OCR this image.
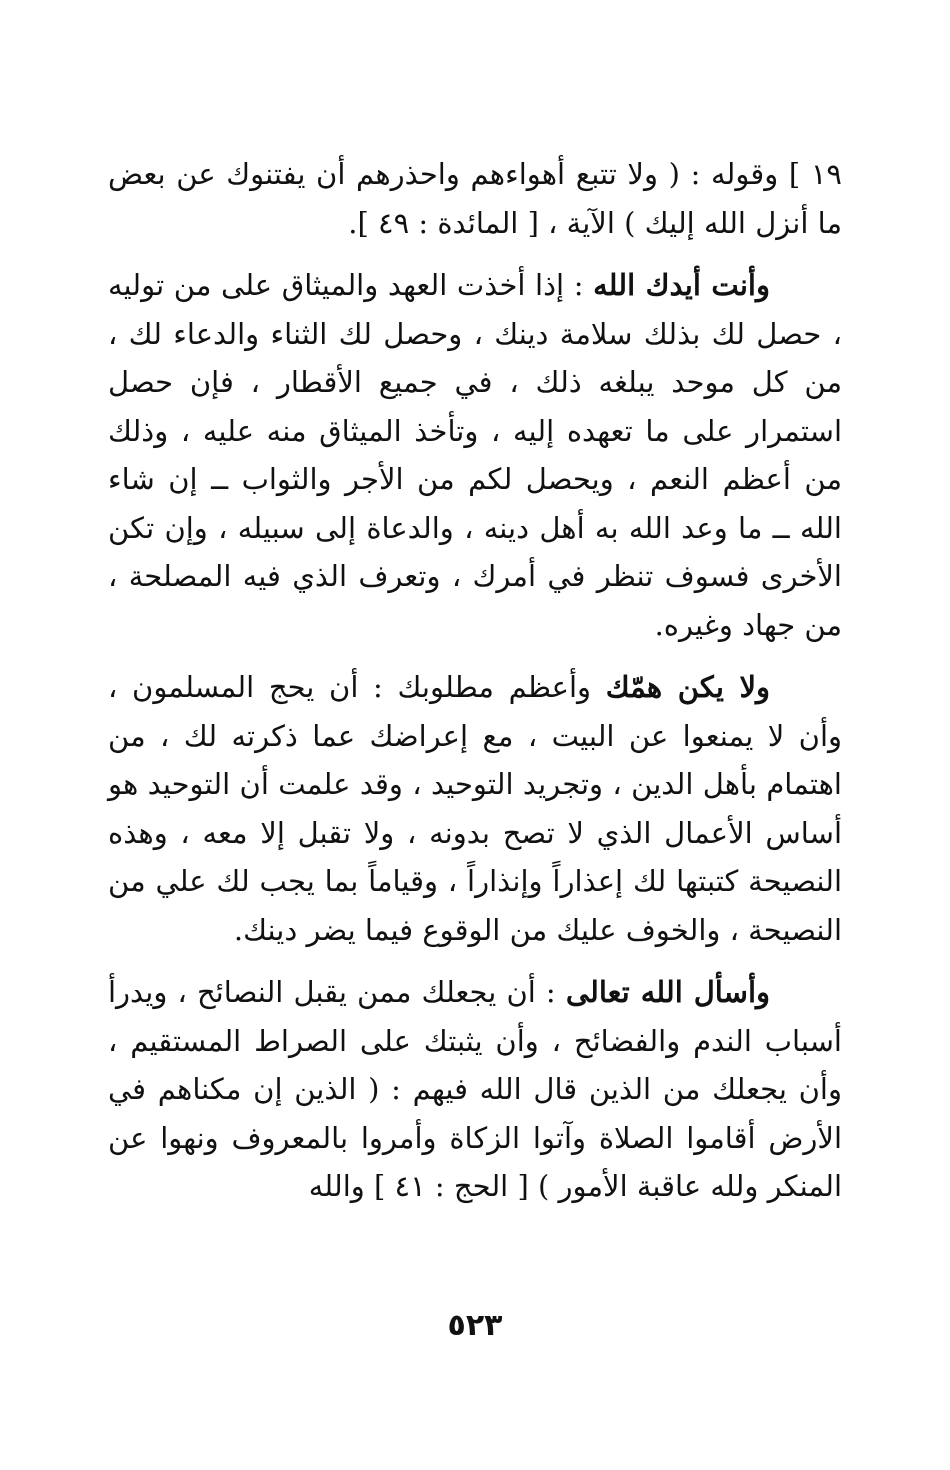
١٩ ] وقوله : ( ولا تتبع أهواءهم واحذرهم أن يفتنوك عن بعض ما أنزل الله إليك ) الآية ، [ المائدة : ٤٩ ].

وأنت أيدك الله : إذا أخذت العهد والميثاق على من توليه ، حصل لك بذلك سلامة دينك ، وحصل لك الثناء والدعاء لك ، من كل موحد يبلغه ذلك ، في جميع الأقطار ، فإن حصل استمرار على ما تعهده إليه ، وتأخذ الميثاق منه عليه ، وذلك من أعظم النعم ، ويحصل لكم من الأجر والثواب ــ إن شاء الله ــ ما وعد الله به أهل دينه ، والدعاة إلى سبيله ، وإن تكن الأخرى فسوف تنظر في أمرك ، وتعرف الذي فيه المصلحة ، من جهاد وغيره.

ولا يكن همّك وأعظم مطلوبك : أن يحج المسلمون ، وأن لا يمنعوا عن البيت ، مع إعراضك عما ذكرته لك ، من اهتمام بأهل الدين ، وتجريد التوحيد ، وقد علمت أن التوحيد هو أساس الأعمال الذي لا تصح بدونه ، ولا تقبل إلا معه ، وهذه النصيحة كتبتها لك إعذاراً وإنذاراً ، وقياماً بما يجب لك علي من النصيحة ، والخوف عليك من الوقوع فيما يضر دينك.

وأسأل الله تعالى : أن يجعلك ممن يقبل النصائح ، ويدرأ أسباب الندم والفضائح ، وأن يثبتك على الصراط المستقيم ، وأن يجعلك من الذين قال الله فيهم : ( الذين إن مكناهم في الأرض أقاموا الصلاة وآتوا الزكاة وأمروا بالمعروف ونهوا عن المنكر ولله عاقبة الأمور ) [ الحج : ٤١ ] والله

٥٢٣
